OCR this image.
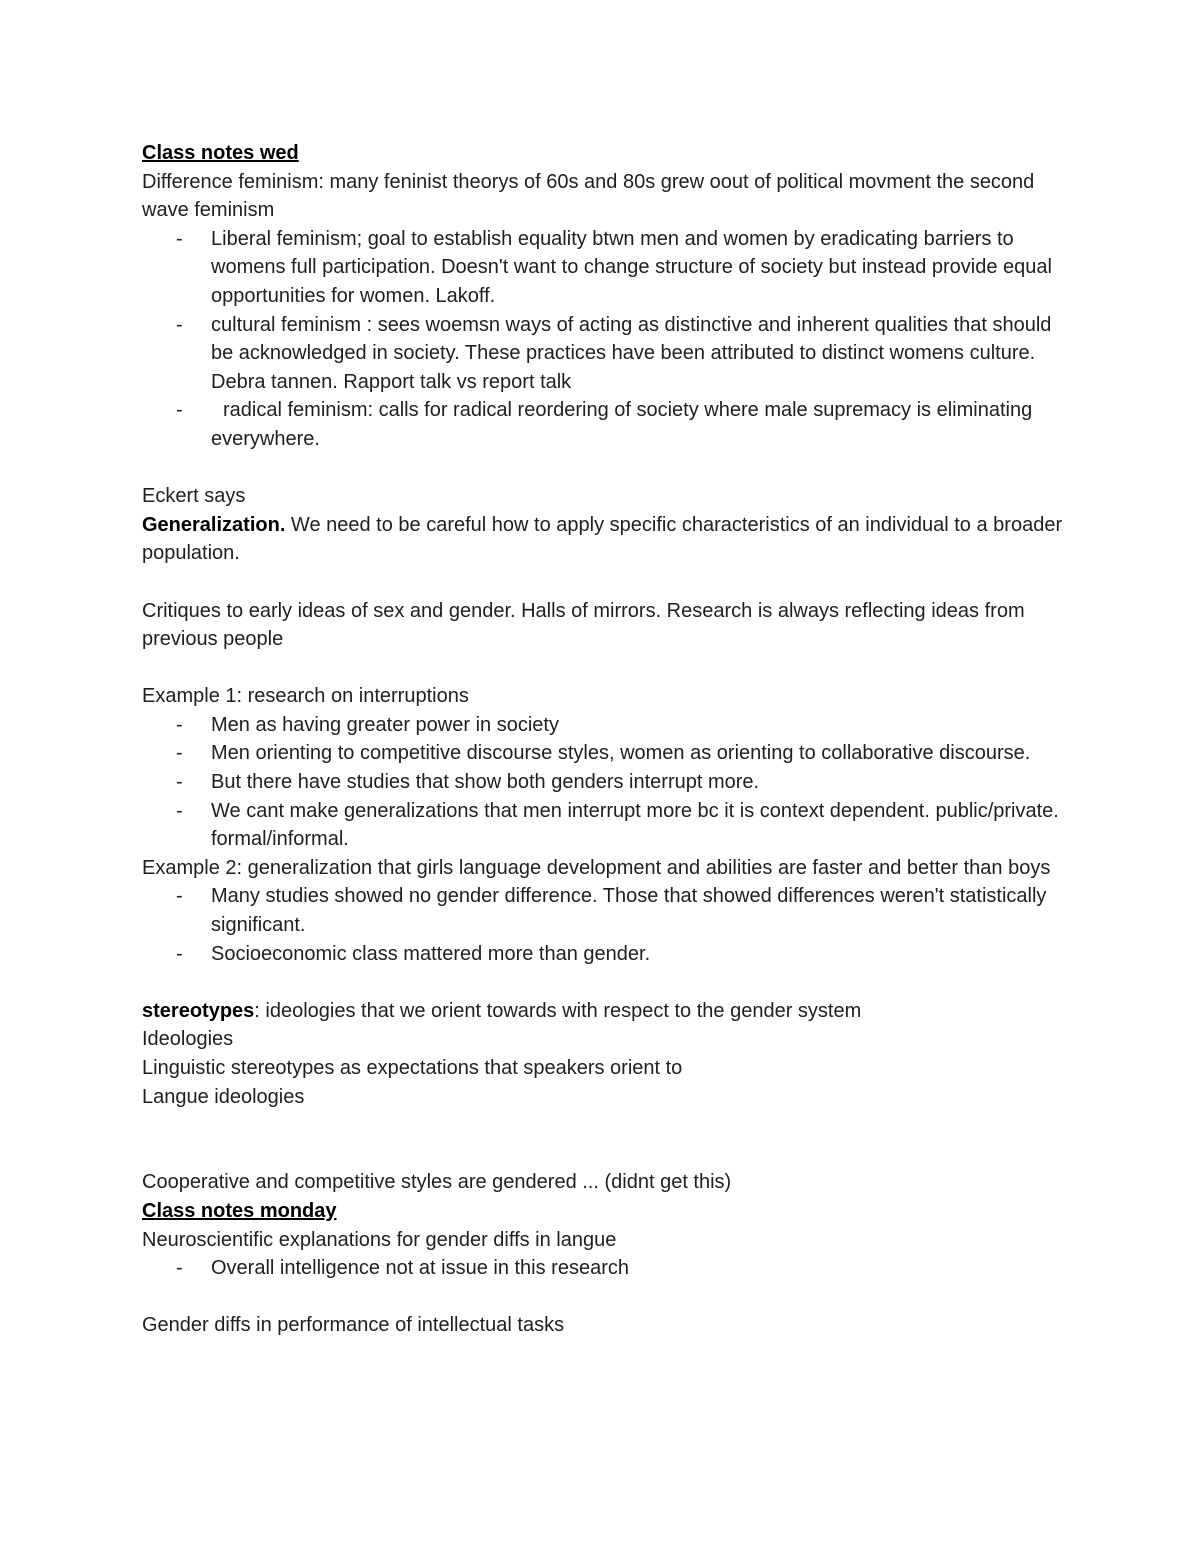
Class notes wed

Difference feminism: many feninist theorys of 60s and 80s grew oout of political movment the second wave feminism

- Liberal feminism; goal to establish equality btwn men and women by eradicating barriers to womens full participation. Doesn't want to change structure of society but instead provide equal opportunities for women. Lakoff.
- cultural feminism : sees woemsn ways of acting as distinctive and inherent qualities that should be acknowledged in society. These practices have been attributed to distinct womens culture. Debra tannen. Rapport talk vs report talk
- radical feminism: calls for radical reordering of society where male supremacy is eliminating everywhere.

Eckert says

Generalization. We need to be careful how to apply specific characteristics of an individual to a broader population.

Critiques to early ideas of sex and gender. Halls of mirrors. Research is always reflecting ideas from previous people

Example 1: research on interruptions

- Men as having greater power in society
- Men orienting to competitive discourse styles, women as orienting to collaborative discourse.
- But there have studies that show both genders interrupt more.
- We cant make generalizations that men interrupt more bc it is context dependent. public/private. formal/informal.

Example 2: generalization that girls language development and abilities are faster and better than boys

- Many studies showed no gender difference. Those that showed differences weren't statistically significant.
- Socioeconomic class mattered more than gender.

stereotypes: ideologies that we orient towards with respect to the gender system

Ideologies

Linguistic stereotypes as expectations that speakers orient to

Langue ideologies

Cooperative and competitive styles are gendered ... (didnt get this)

Class notes monday

Neuroscientific explanations for gender diffs in langue

- Overall intelligence not at issue in this research

Gender diffs in performance of intellectual tasks
